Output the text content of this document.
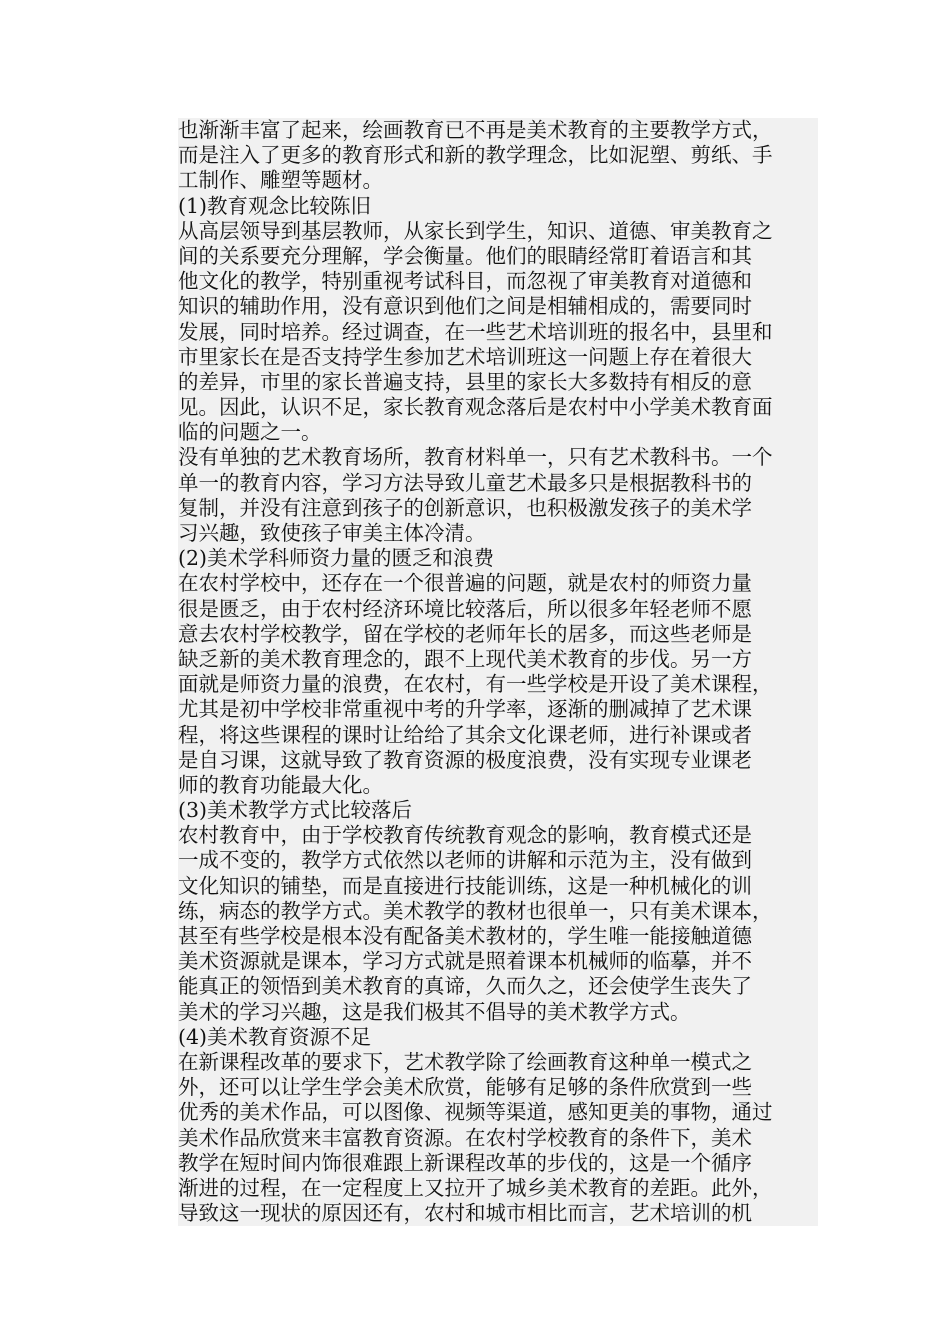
也渐渐丰富了起来，绘画教育已不再是美术教育的主要教学方式，
而是注入了更多的教育形式和新的教学理念，比如泥塑、剪纸、手
工制作、雕塑等题材。
(1)教育观念比较陈旧
从高层领导到基层教师，从家长到学生，知识、道德、审美教育之
间的关系要充分理解，学会衡量。他们的眼睛经常盯着语言和其
他文化的教学，特别重视考试科目，而忽视了审美教育对道德和
知识的辅助作用，没有意识到他们之间是相辅相成的，需要同时
发展，同时培养。经过调查，在一些艺术培训班的报名中，县里和
市里家长在是否支持学生参加艺术培训班这一问题上存在着很大
的差异，市里的家长普遍支持，县里的家长大多数持有相反的意
见。因此，认识不足，家长教育观念落后是农村中小学美术教育面
临的问题之一。
没有单独的艺术教育场所，教育材料单一，只有艺术教科书。一个
单一的教育内容，学习方法导致儿童艺术最多只是根据教科书的
复制，并没有注意到孩子的创新意识，也积极激发孩子的美术学
习兴趣，致使孩子审美主体冷清。
(2)美术学科师资力量的匮乏和浪费
在农村学校中，还存在一个很普遍的问题，就是农村的师资力量
很是匮乏，由于农村经济环境比较落后，所以很多年轻老师不愿
意去农村学校教学，留在学校的老师年长的居多，而这些老师是
缺乏新的美术教育理念的，跟不上现代美术教育的步伐。另一方
面就是师资力量的浪费，在农村，有一些学校是开设了美术课程，
尤其是初中学校非常重视中考的升学率，逐渐的删减掉了艺术课
程，将这些课程的课时让给给了其余文化课老师，进行补课或者
是自习课，这就导致了教育资源的极度浪费，没有实现专业课老
师的教育功能最大化。
(3)美术教学方式比较落后
农村教育中，由于学校教育传统教育观念的影响，教育模式还是
一成不变的，教学方式依然以老师的讲解和示范为主，没有做到
文化知识的铺垫，而是直接进行技能训练，这是一种机械化的训
练，病态的教学方式。美术教学的教材也很单一，只有美术课本，
甚至有些学校是根本没有配备美术教材的，学生唯一能接触道德
美术资源就是课本，学习方式就是照着课本机械师的临摹，并不
能真正的领悟到美术教育的真谛，久而久之，还会使学生丧失了
美术的学习兴趣，这是我们极其不倡导的美术教学方式。
(4)美术教育资源不足
在新课程改革的要求下，艺术教学除了绘画教育这种单一模式之
外，还可以让学生学会美术欣赏，能够有足够的条件欣赏到一些
优秀的美术作品，可以图像、视频等渠道，感知更美的事物，通过
美术作品欣赏来丰富教育资源。在农村学校教育的条件下，美术
教学在短时间内饰很难跟上新课程改革的步伐的，这是一个循序
渐进的过程，在一定程度上又拉开了城乡美术教育的差距。此外，
导致这一现状的原因还有，农村和城市相比而言，艺术培训的机
